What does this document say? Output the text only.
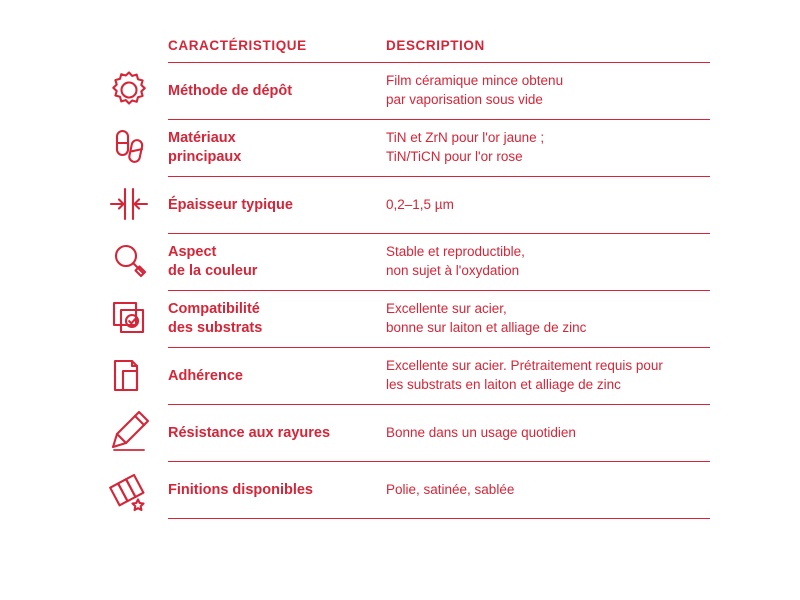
	CARACTÉRISTIQUE	DESCRIPTION

	Méthode de dépôt	Film céramique mince obtenu
par vaporisation sous vide

Matériaux
principaux	TiN et ZrN pour l'or jaune ;
TiN/TiCN pour l'or rose

	Épaisseur typique	0,2–1,5 µm

Aspect
de la couleur	Stable et reproductible,
non sujet à l'oxydation

Compatibilité
des substrats	Excellente sur acier,
bonne sur laiton et alliage de zinc

	Adhérence	Excellente sur acier. Prétraitement requis pour
les substrats en laiton et alliage de zinc

	Résistance aux rayures	Bonne dans un usage quotidien

	Finitions disponibles	Polie, satinée, sablée
